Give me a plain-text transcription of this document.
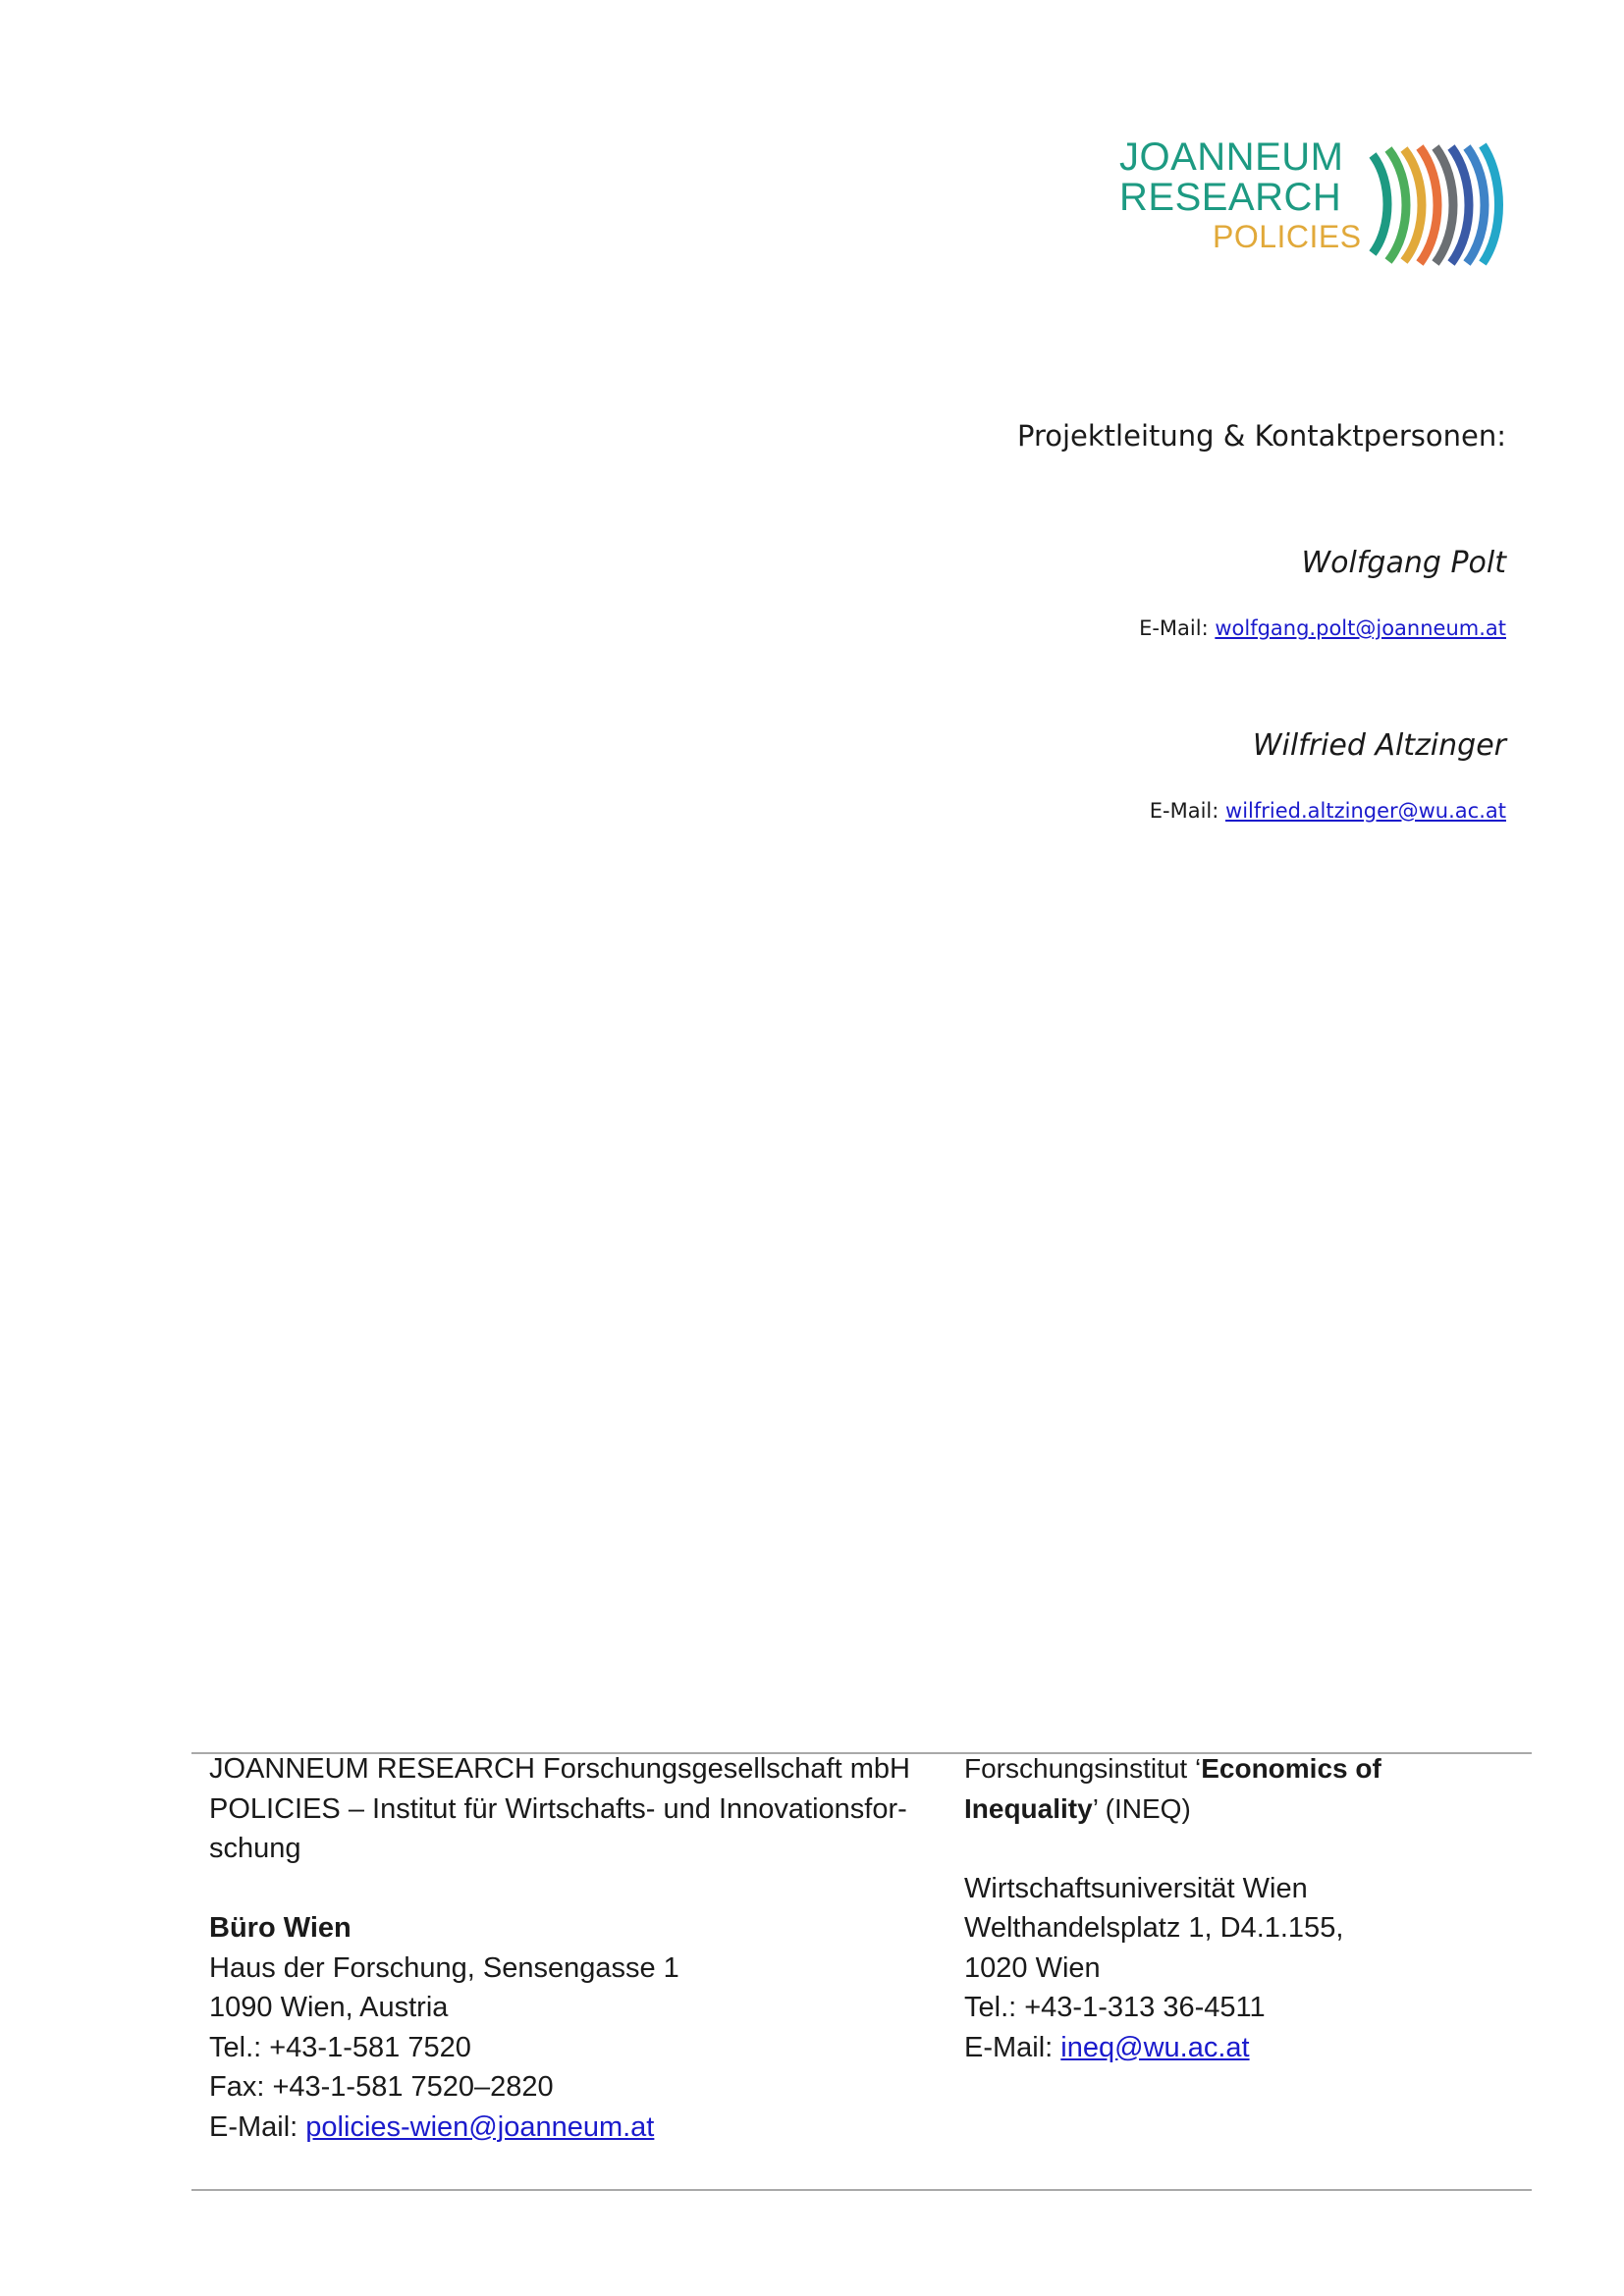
JOANNEUM
RESEARCH
POLICIES

Projektleitung & Kontaktpersonen:

Wolfgang Polt
E-Mail: wolfgang.polt@joanneum.at
Wilfried Altzinger
E-Mail: wilfried.altzinger@wu.ac.at
JOANNEUM RESEARCH Forschungsgesellschaft mbH
POLICIES – Institut für Wirtschafts- und Innovationsfor-
schung
Büro Wien
Haus der Forschung, Sensengasse 1
1090 Wien, Austria
Tel.: +43-1-581 7520
Fax: +43-1-581 7520–2820
E-Mail: policies-wien@joanneum.at
Forschungsinstitut ‘Economics of
Inequality’ (INEQ)
Wirtschaftsuniversität Wien
Welthandelsplatz 1, D4.1.155,
1020 Wien
Tel.: +43-1-313 36-4511
E-Mail: ineq@wu.ac.at
